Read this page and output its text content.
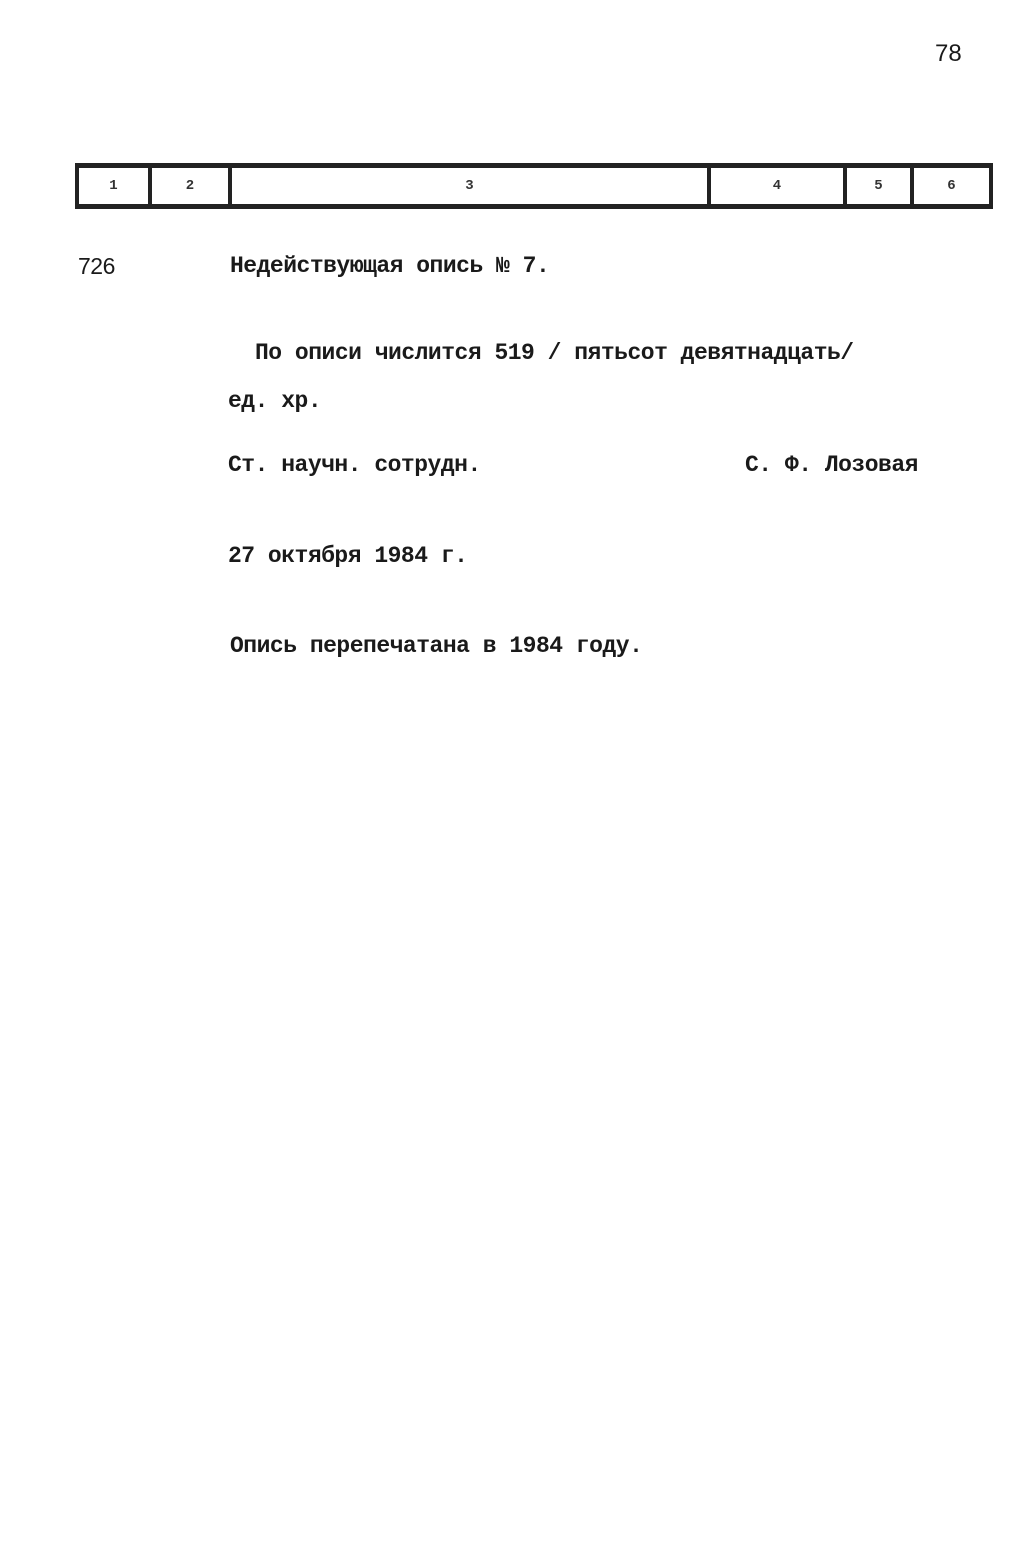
78
1	2	3	4	5	6
726	Недействующая опись № 7.
По описи числится 519 / пятьсот девятнадцать/
ед. хр.
Ст. научн. сотрудн.	С. Ф. Лозовая
27 октября 1984 г.
Опись перепечатана в 1984 году.
